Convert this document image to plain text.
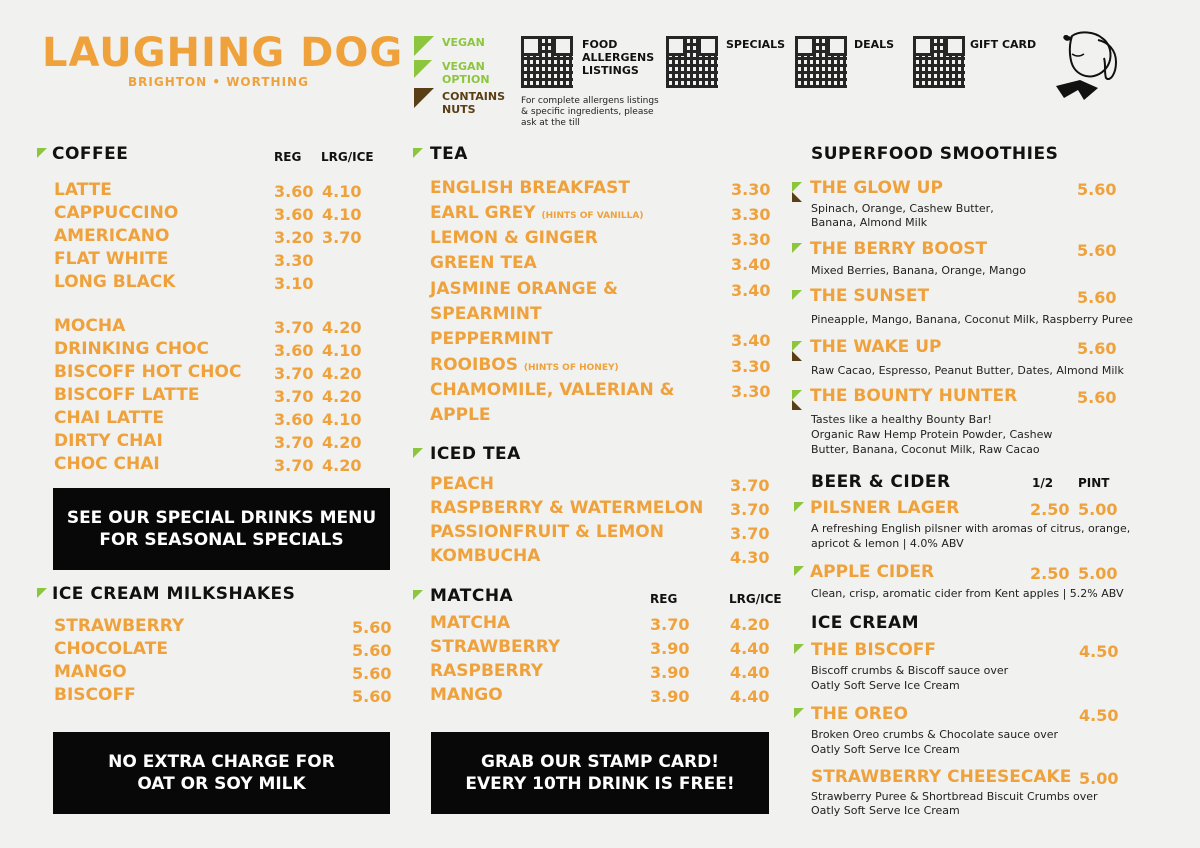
LAUGHING DOG
BRIGHTON • WORTHING
VEGAN
VEGAN OPTION
CONTAINS NUTS
FOOD ALLERGENS LISTINGS
SPECIALS	DEALS	GIFT CARD
For complete allergens listings & specific ingredients, please ask at the till
COFFEE	REG LRG/ICE
LATTE	3.60 4.10
CAPPUCCINO	3.60 4.10
AMERICANO	3.20 3.70
FLAT WHITE	3.30
LONG BLACK	3.10
MOCHA	3.70 4.20
DRINKING CHOC	3.60 4.10
BISCOFF HOT CHOC 3.70 4.20
BISCOFF LATTE	3.70 4.20
CHAI LATTE	3.60 4.10
DIRTY CHAI	3.70 4.20
CHOC CHAI	3.70 4.20
SEE OUR SPECIAL DRINKS MENU
FOR SEASONAL SPECIALS
ICE CREAM MILKSHAKES
STRAWBERRY	5.60
CHOCOLATE	5.60
MANGO	5.60
BISCOFF	5.60
NO EXTRA CHARGE FOR
OAT OR SOY MILK
TEA
ENGLISH BREAKFAST	3.30
EARL GREY (HINTS OF VANILLA)	3.30
LEMON & GINGER	3.30
GREEN TEA	3.40
JASMINE ORANGE &	3.40
SPEARMINT
PEPPERMINT	3.40
ROOIBOS (HINTS OF HONEY)	3.30
CHAMOMILE, VALERIAN &	3.30
APPLE
ICED TEA
PEACH	3.70
RASPBERRY & WATERMELON 3.70
PASSIONFRUIT & LEMON	3.70
KOMBUCHA	4.30
MATCHA	REG	LRG/ICE
MATCHA	3.70	4.20
STRAWBERRY	3.90	4.40
RASPBERRY	3.90	4.40
MANGO	3.90	4.40
GRAB OUR STAMP CARD!
EVERY 10TH DRINK IS FREE!
SUPERFOOD SMOOTHIES
THE GLOW UP	5.60
Spinach, Orange, Cashew Butter,
Banana, Almond Milk
THE BERRY BOOST	5.60
Mixed Berries, Banana, Orange, Mango
THE SUNSET	5.60
Pineapple, Mango, Banana, Coconut Milk, Raspberry Puree
THE WAKE UP	5.60
Raw Cacao, Espresso, Peanut Butter, Dates, Almond Milk
THE BOUNTY HUNTER	5.60
Tastes like a healthy Bounty Bar!
Organic Raw Hemp Protein Powder, Cashew
Butter, Banana, Coconut Milk, Raw Cacao
BEER & CIDER	1/2 PINT
PILSNER LAGER	2.50 5.00
A refreshing English pilsner with aromas of citrus, orange,
apricot & lemon | 4.0% ABV
APPLE CIDER	2.50 5.00
Clean, crisp, aromatic cider from Kent apples | 5.2% ABV
ICE CREAM
THE BISCOFF	4.50
Biscoff crumbs & Biscoff sauce over
Oatly Soft Serve Ice Cream
THE OREO	4.50
Broken Oreo crumbs & Chocolate sauce over
Oatly Soft Serve Ice Cream
STRAWBERRY CHEESECAKE 5.00
Strawberry Puree & Shortbread Biscuit Crumbs over
Oatly Soft Serve Ice Cream
